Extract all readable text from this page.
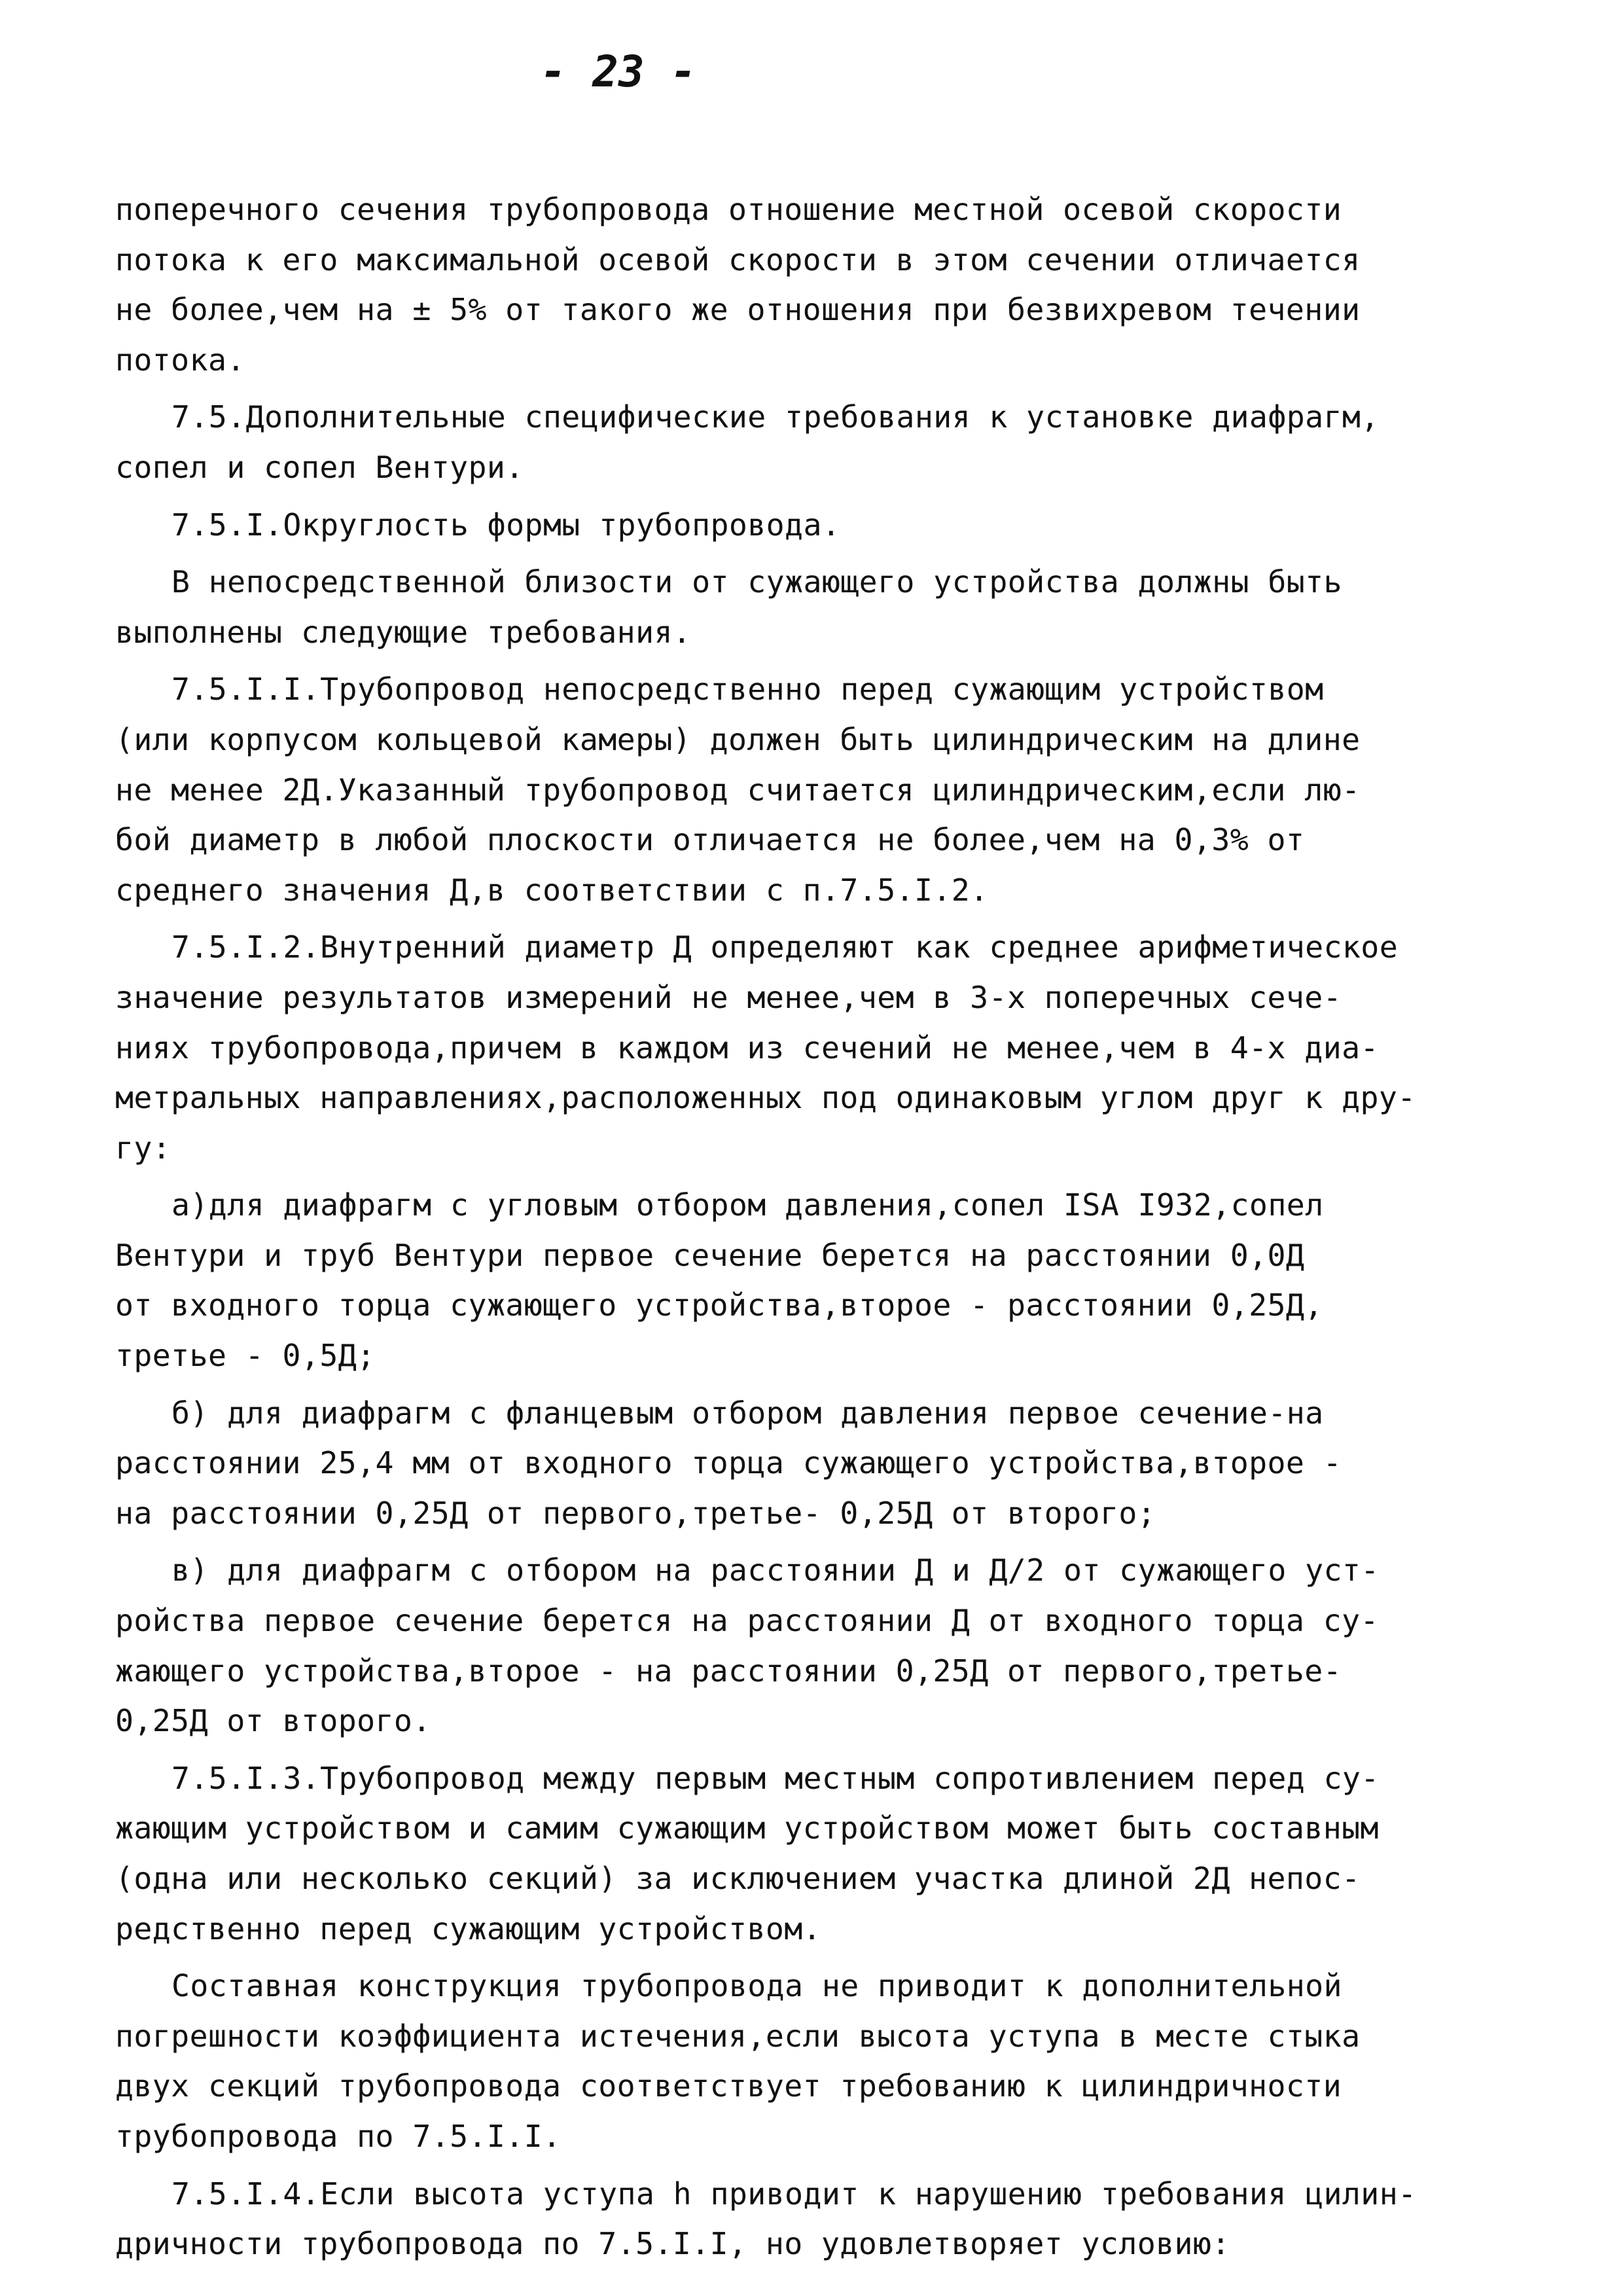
- 23 -
поперечного сечения трубопровода отношение местной осевой скорости
потока к его максимальной осевой скорости в этом сечении отличается
не более,чем на ± 5% от такого же отношения при безвихревом течении
потока.
7.5.Дополнительные специфические требования к установке диафрагм,
сопел и сопел Вентури.
7.5.I.Округлость формы трубопровода.
В непосредственной близости от сужающего устройства должны быть
выполнены следующие требования.
7.5.I.I.Трубопровод непосредственно перед сужающим устройством
(или корпусом кольцевой камеры) должен быть цилиндрическим на длине
не менее 2Д.Указанный трубопровод считается цилиндрическим,если лю-
бой диаметр в любой плоскости отличается не более,чем на 0,3% от
среднего значения Д,в соответствии с п.7.5.I.2.
7.5.I.2.Внутренний диаметр Д определяют как среднее арифметическое
значение результатов измерений не менее,чем в 3-х поперечных сече-
ниях трубопровода,причем в каждом из сечений не менее,чем в 4-х диа-
метральных направлениях,расположенных под одинаковым углом друг к дру-
гу:
а)для диафрагм с угловым отбором давления,сопел ISA I932,сопел
Вентури и труб Вентури первое сечение берется на расстоянии 0,0Д
от входного торца сужающего устройства,второе - расстоянии 0,25Д,
третье - 0,5Д;
б) для диафрагм с фланцевым отбором давления первое сечение-на
расстоянии 25,4 мм от входного торца сужающего устройства,второе -
на расстоянии 0,25Д от первого,третье- 0,25Д от второго;
в) для диафрагм с отбором на расстоянии Д и Д/2 от сужающего уст-
ройства первое сечение берется на расстоянии Д от входного торца су-
жающего устройства,второе - на расстоянии 0,25Д от первого,третье-
0,25Д от второго.
7.5.I.3.Трубопровод между первым местным сопротивлением перед су-
жающим устройством и самим сужающим устройством может быть составным
(одна или несколько секций) за исключением участка длиной 2Д непос-
редственно перед сужающим устройством.
Составная конструкция трубопровода не приводит к дополнительной
погрешности коэффициента истечения,если высота уступа в месте стыка
двух секций трубопровода соответствует требованию к цилиндричности
трубопровода по 7.5.I.I.
7.5.I.4.Если высота уступа h приводит к нарушению требования цилин-
дричности трубопровода по 7.5.I.I, но удовлетворяет условию:
